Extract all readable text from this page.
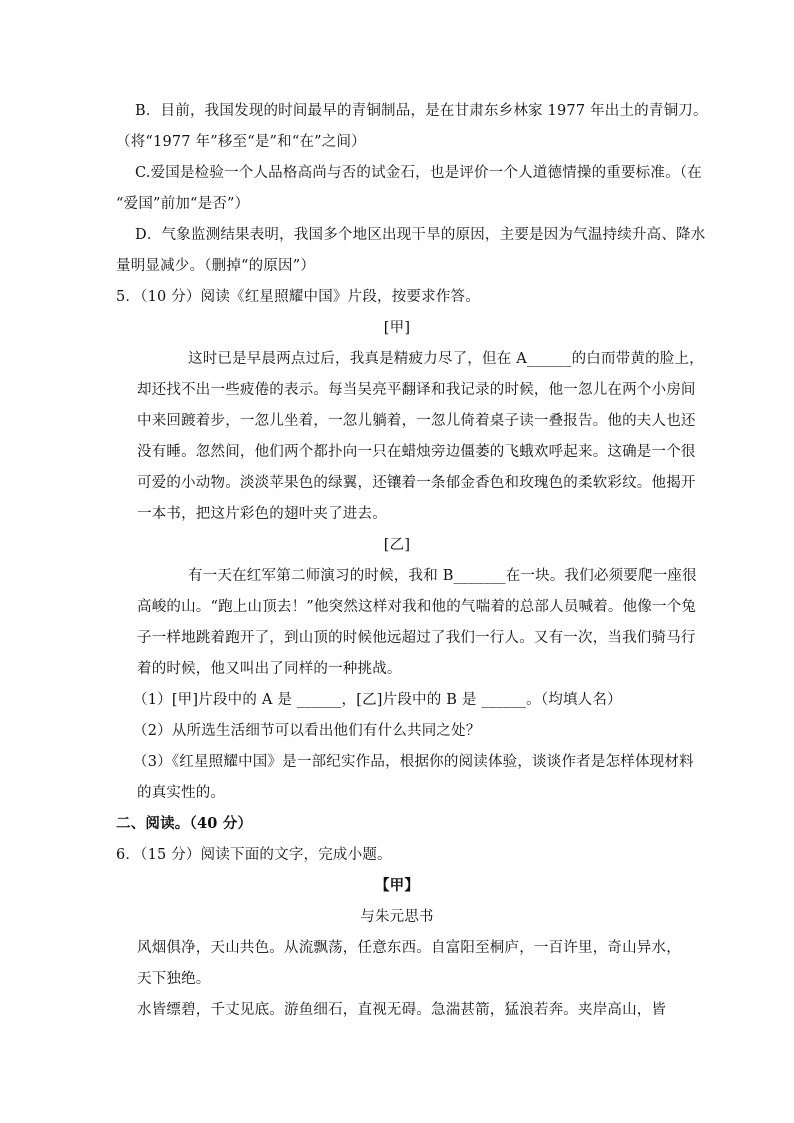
B．目前，我国发现的时间最早的青铜制品，是在甘肃东乡林家 1977 年出土的青铜刀。
（将“1977 年”移至“是”和“在”之间）
C.爱国是检验一个人品格高尚与否的试金石，也是评价一个人道德情操的重要标准。（在
“爱国”前加“是否”）
D．气象监测结果表明，我国多个地区出现干旱的原因，主要是因为气温持续升高、降水
量明显减少。（删掉“的原因”）
5．（10 分）阅读《红星照耀中国》片段，按要求作答。
[甲]
这时已是早晨两点过后，我真是精疲力尽了，但在 A______的白而带黄的脸上，
却还找不出一些疲倦的表示。每当吴亮平翻译和我记录的时候，他一忽儿在两个小房间
中来回踱着步，一忽儿坐着，一忽儿躺着，一忽儿倚着桌子读一叠报告。他的夫人也还
没有睡。忽然间，他们两个都扑向一只在蜡烛旁边僵萎的飞蛾欢呼起来。这确是一个很
可爱的小动物。淡淡苹果色的绿翼，还镶着一条郁金香色和玫瑰色的柔软彩纹。他揭开
一本书，把这片彩色的翅叶夹了进去。
[乙]
有一天在红军第二师演习的时候，我和 B_______在一块。我们必须要爬一座很
高峻的山。“跑上山顶去！”他突然这样对我和他的气喘着的总部人员喊着。他像一个兔
子一样地跳着跑开了，到山顶的时候他远超过了我们一行人。又有一次，当我们骑马行
着的时候，他又叫出了同样的一种挑战。
（1）[甲]片段中的 A 是 ______，[乙]片段中的 B 是 ______。（均填人名）
（2）从所选生活细节可以看出他们有什么共同之处？
（3）《红星照耀中国》是一部纪实作品，根据你的阅读体验，谈谈作者是怎样体现材料
的真实性的。
二、阅读。（40 分）
6．（15 分）阅读下面的文字，完成小题。
【甲】
与朱元思书
风烟俱净，天山共色。从流飘荡，任意东西。自富阳至桐庐，一百许里，奇山异水，
天下独绝。
水皆缥碧，千丈见底。游鱼细石，直视无碍。急湍甚箭，猛浪若奔。夹岸高山，皆
